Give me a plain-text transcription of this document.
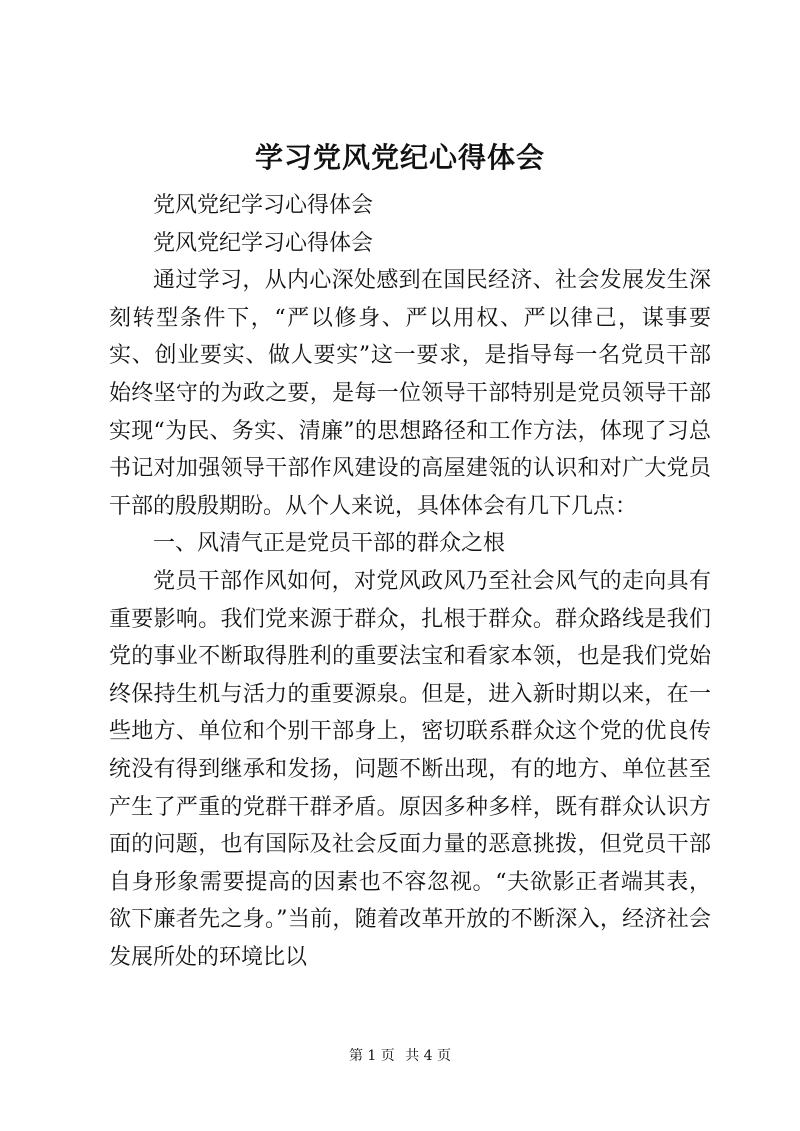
学习党风党纪心得体会

党风党纪学习心得体会

党风党纪学习心得体会

通过学习，从内心深处感到在国民经济、社会发展发生深刻转型条件下，“严以修身、严以用权、严以律己，谋事要实、创业要实、做人要实”这一要求，是指导每一名党员干部始终坚守的为政之要，是每一位领导干部特别是党员领导干部实现“为民、务实、清廉”的思想路径和工作方法，体现了习总书记对加强领导干部作风建设的高屋建瓴的认识和对广大党员干部的殷殷期盼。从个人来说，具体体会有几下几点：

一、风清气正是党员干部的群众之根

党员干部作风如何，对党风政风乃至社会风气的走向具有重要影响。我们党来源于群众，扎根于群众。群众路线是我们党的事业不断取得胜利的重要法宝和看家本领，也是我们党始终保持生机与活力的重要源泉。但是，进入新时期以来，在一些地方、单位和个别干部身上，密切联系群众这个党的优良传统没有得到继承和发扬，问题不断出现，有的地方、单位甚至产生了严重的党群干群矛盾。原因多种多样，既有群众认识方面的问题，也有国际及社会反面力量的恶意挑拨，但党员干部自身形象需要提高的因素也不容忽视。“夫欲影正者端其表，欲下廉者先之身。”当前，随着改革开放的不断深入，经济社会发展所处的环境比以

第 1 页 共 4 页
